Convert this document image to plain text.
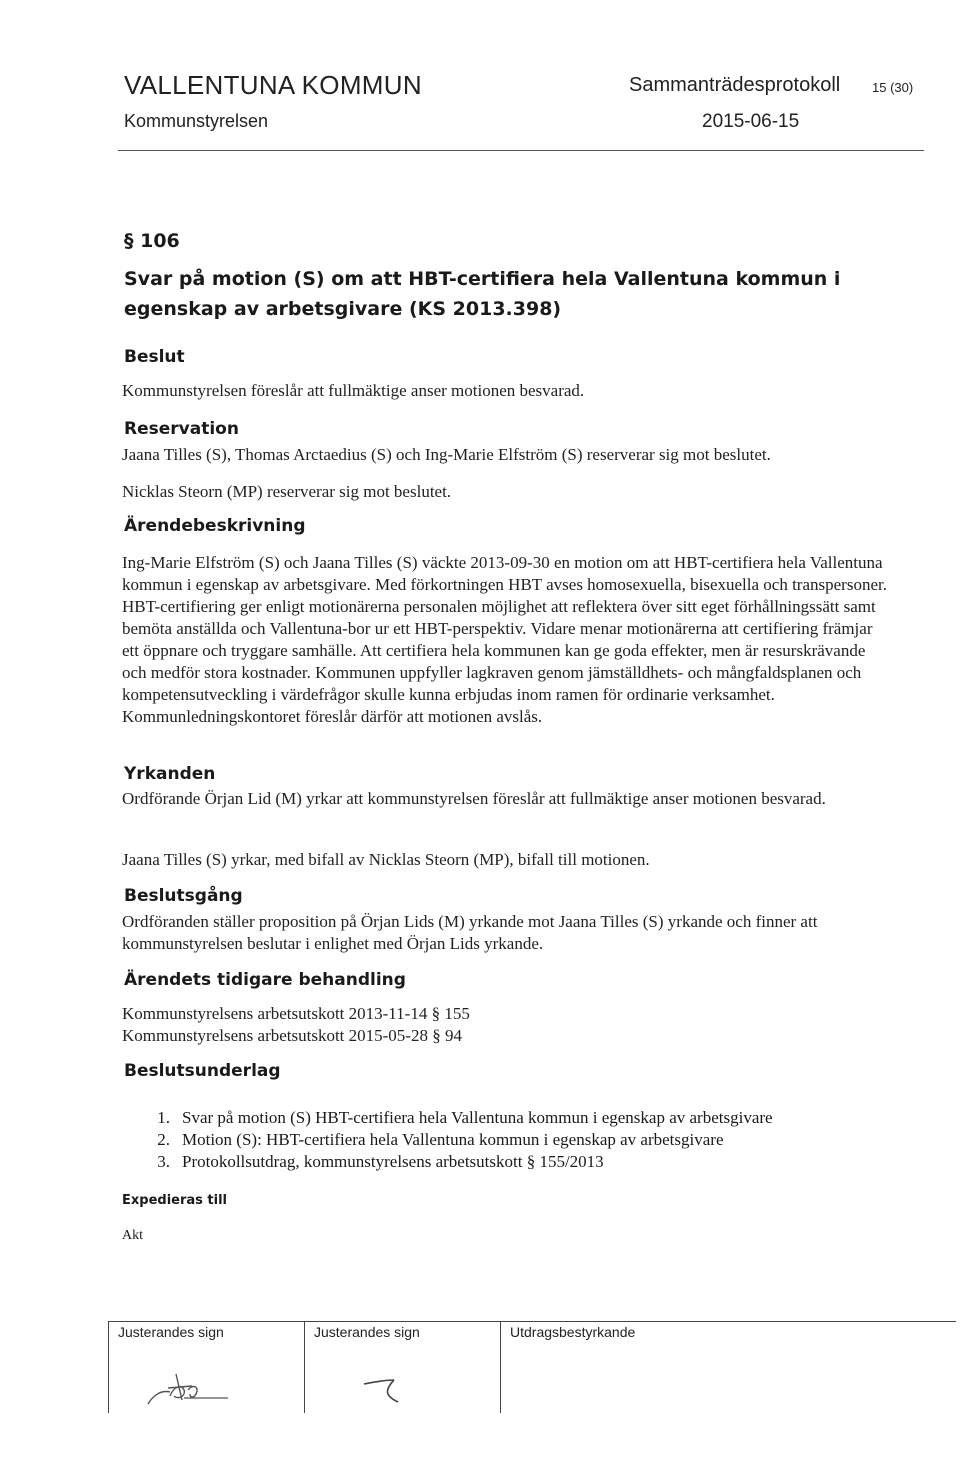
VALLENTUNA KOMMUN	Sammanträdesprotokoll 15 (30)
Kommunstyrelsen	2015-06-15
§ 106
Svar på motion (S) om att HBT-certifiera hela Vallentuna kommun i egenskap av arbetsgivare (KS 2013.398)
Beslut
Kommunstyrelsen föreslår att fullmäktige anser motionen besvarad.
Reservation
Jaana Tilles (S), Thomas Arctaedius (S) och Ing-Marie Elfström (S) reserverar sig mot beslutet.
Nicklas Steorn (MP) reserverar sig mot beslutet.
Ärendebeskrivning
Ing-Marie Elfström (S) och Jaana Tilles (S) väckte 2013-09-30 en motion om att HBT-certifiera hela Vallentuna kommun i egenskap av arbetsgivare. Med förkortningen HBT avses homosexuella, bisexuella och transpersoner. HBT-certifiering ger enligt motionärerna personalen möjlighet att reflektera över sitt eget förhållningssätt samt bemöta anställda och Vallentuna-bor ur ett HBT-perspektiv. Vidare menar motionärerna att certifiering främjar ett öppnare och tryggare samhälle. Att certifiera hela kommunen kan ge goda effekter, men är resurskrävande och medför stora kostnader. Kommunen uppfyller lagkraven genom jämställdhets- och mångfaldsplanen och kompetensutveckling i värdefrågor skulle kunna erbjudas inom ramen för ordinarie verksamhet. Kommunledningskontoret föreslår därför att motionen avslås.
Yrkanden
Ordförande Örjan Lid (M) yrkar att kommunstyrelsen föreslår att fullmäktige anser motionen besvarad.
Jaana Tilles (S) yrkar, med bifall av Nicklas Steorn (MP), bifall till motionen.
Beslutsgång
Ordföranden ställer proposition på Örjan Lids (M) yrkande mot Jaana Tilles (S) yrkande och finner att kommunstyrelsen beslutar i enlighet med Örjan Lids yrkande.
Ärendets tidigare behandling
Kommunstyrelsens arbetsutskott 2013-11-14 § 155
Kommunstyrelsens arbetsutskott 2015-05-28 § 94
Beslutsunderlag
1. Svar på motion (S) HBT-certifiera hela Vallentuna kommun i egenskap av arbetsgivare
2. Motion (S): HBT-certifiera hela Vallentuna kommun i egenskap av arbetsgivare
3. Protokollsutdrag, kommunstyrelsens arbetsutskott § 155/2013
Expedieras till
Akt
Justerandes sign	Justerandes sign	Utdragsbestyrkande
